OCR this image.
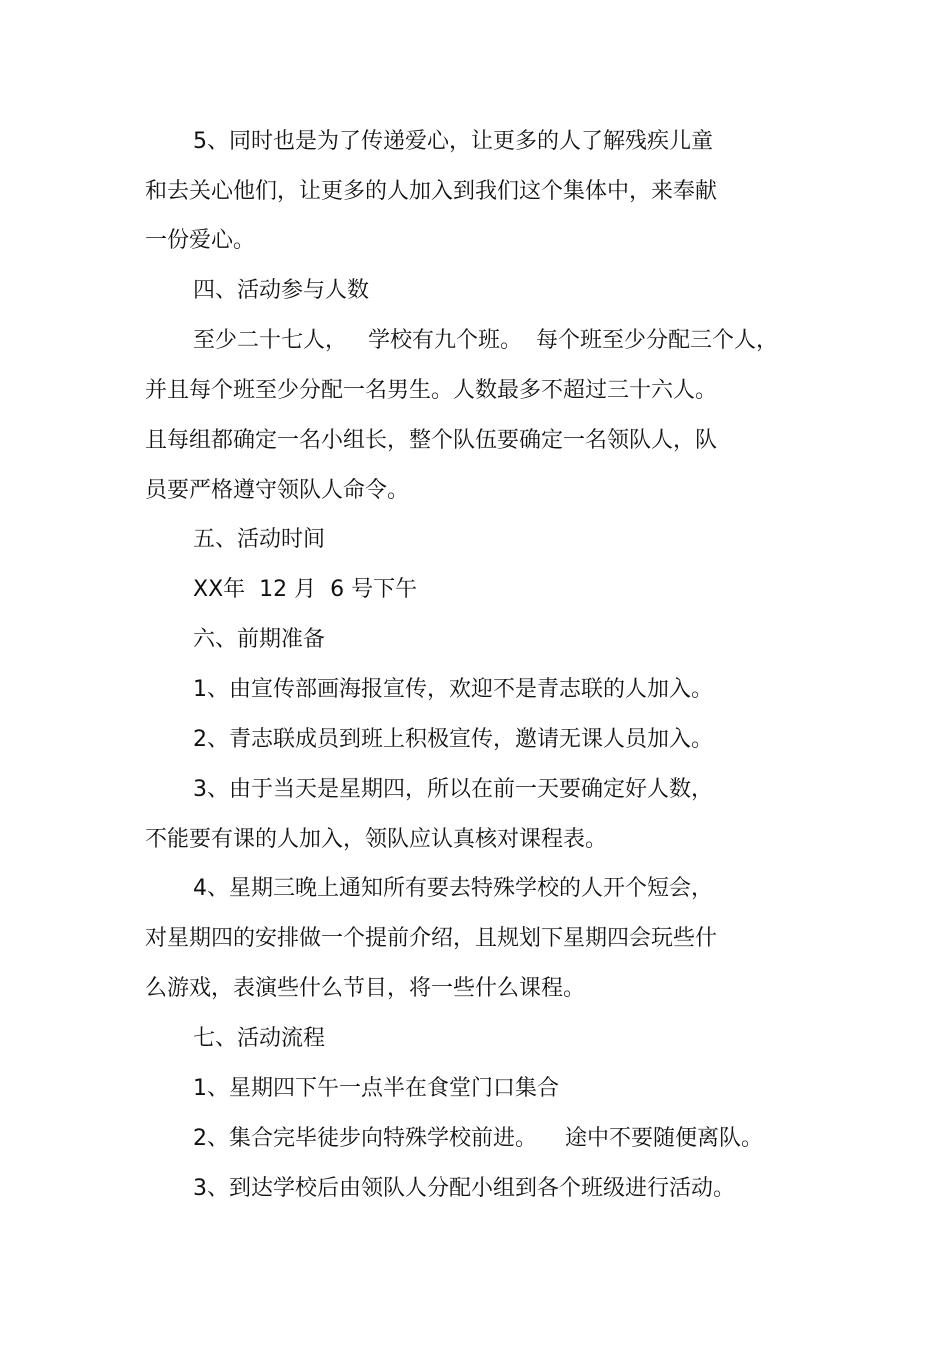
5、同时也是为了传递爱心，让更多的人了解残疾儿童

和去关心他们，让更多的人加入到我们这个集体中，来奉献

一份爱心。

四、活动参与人数

至少二十七人，   学校有九个班。  每个班至少分配三个人，

并且每个班至少分配一名男生。人数最多不超过三十六人。

且每组都确定一名小组长，整个队伍要确定一名领队人，队

员要严格遵守领队人命令。

五、活动时间

XX年  12 月  6 号下午

六、前期准备

1、由宣传部画海报宣传，欢迎不是青志联的人加入。

2、青志联成员到班上积极宣传，邀请无课人员加入。

3、由于当天是星期四，所以在前一天要确定好人数，

不能要有课的人加入，领队应认真核对课程表。

4、星期三晚上通知所有要去特殊学校的人开个短会，

对星期四的安排做一个提前介绍，且规划下星期四会玩些什

么游戏，表演些什么节目，将一些什么课程。

七、活动流程

1、星期四下午一点半在食堂门口集合

2、集合完毕徒步向特殊学校前进。    途中不要随便离队。

3、到达学校后由领队人分配小组到各个班级进行活动。
